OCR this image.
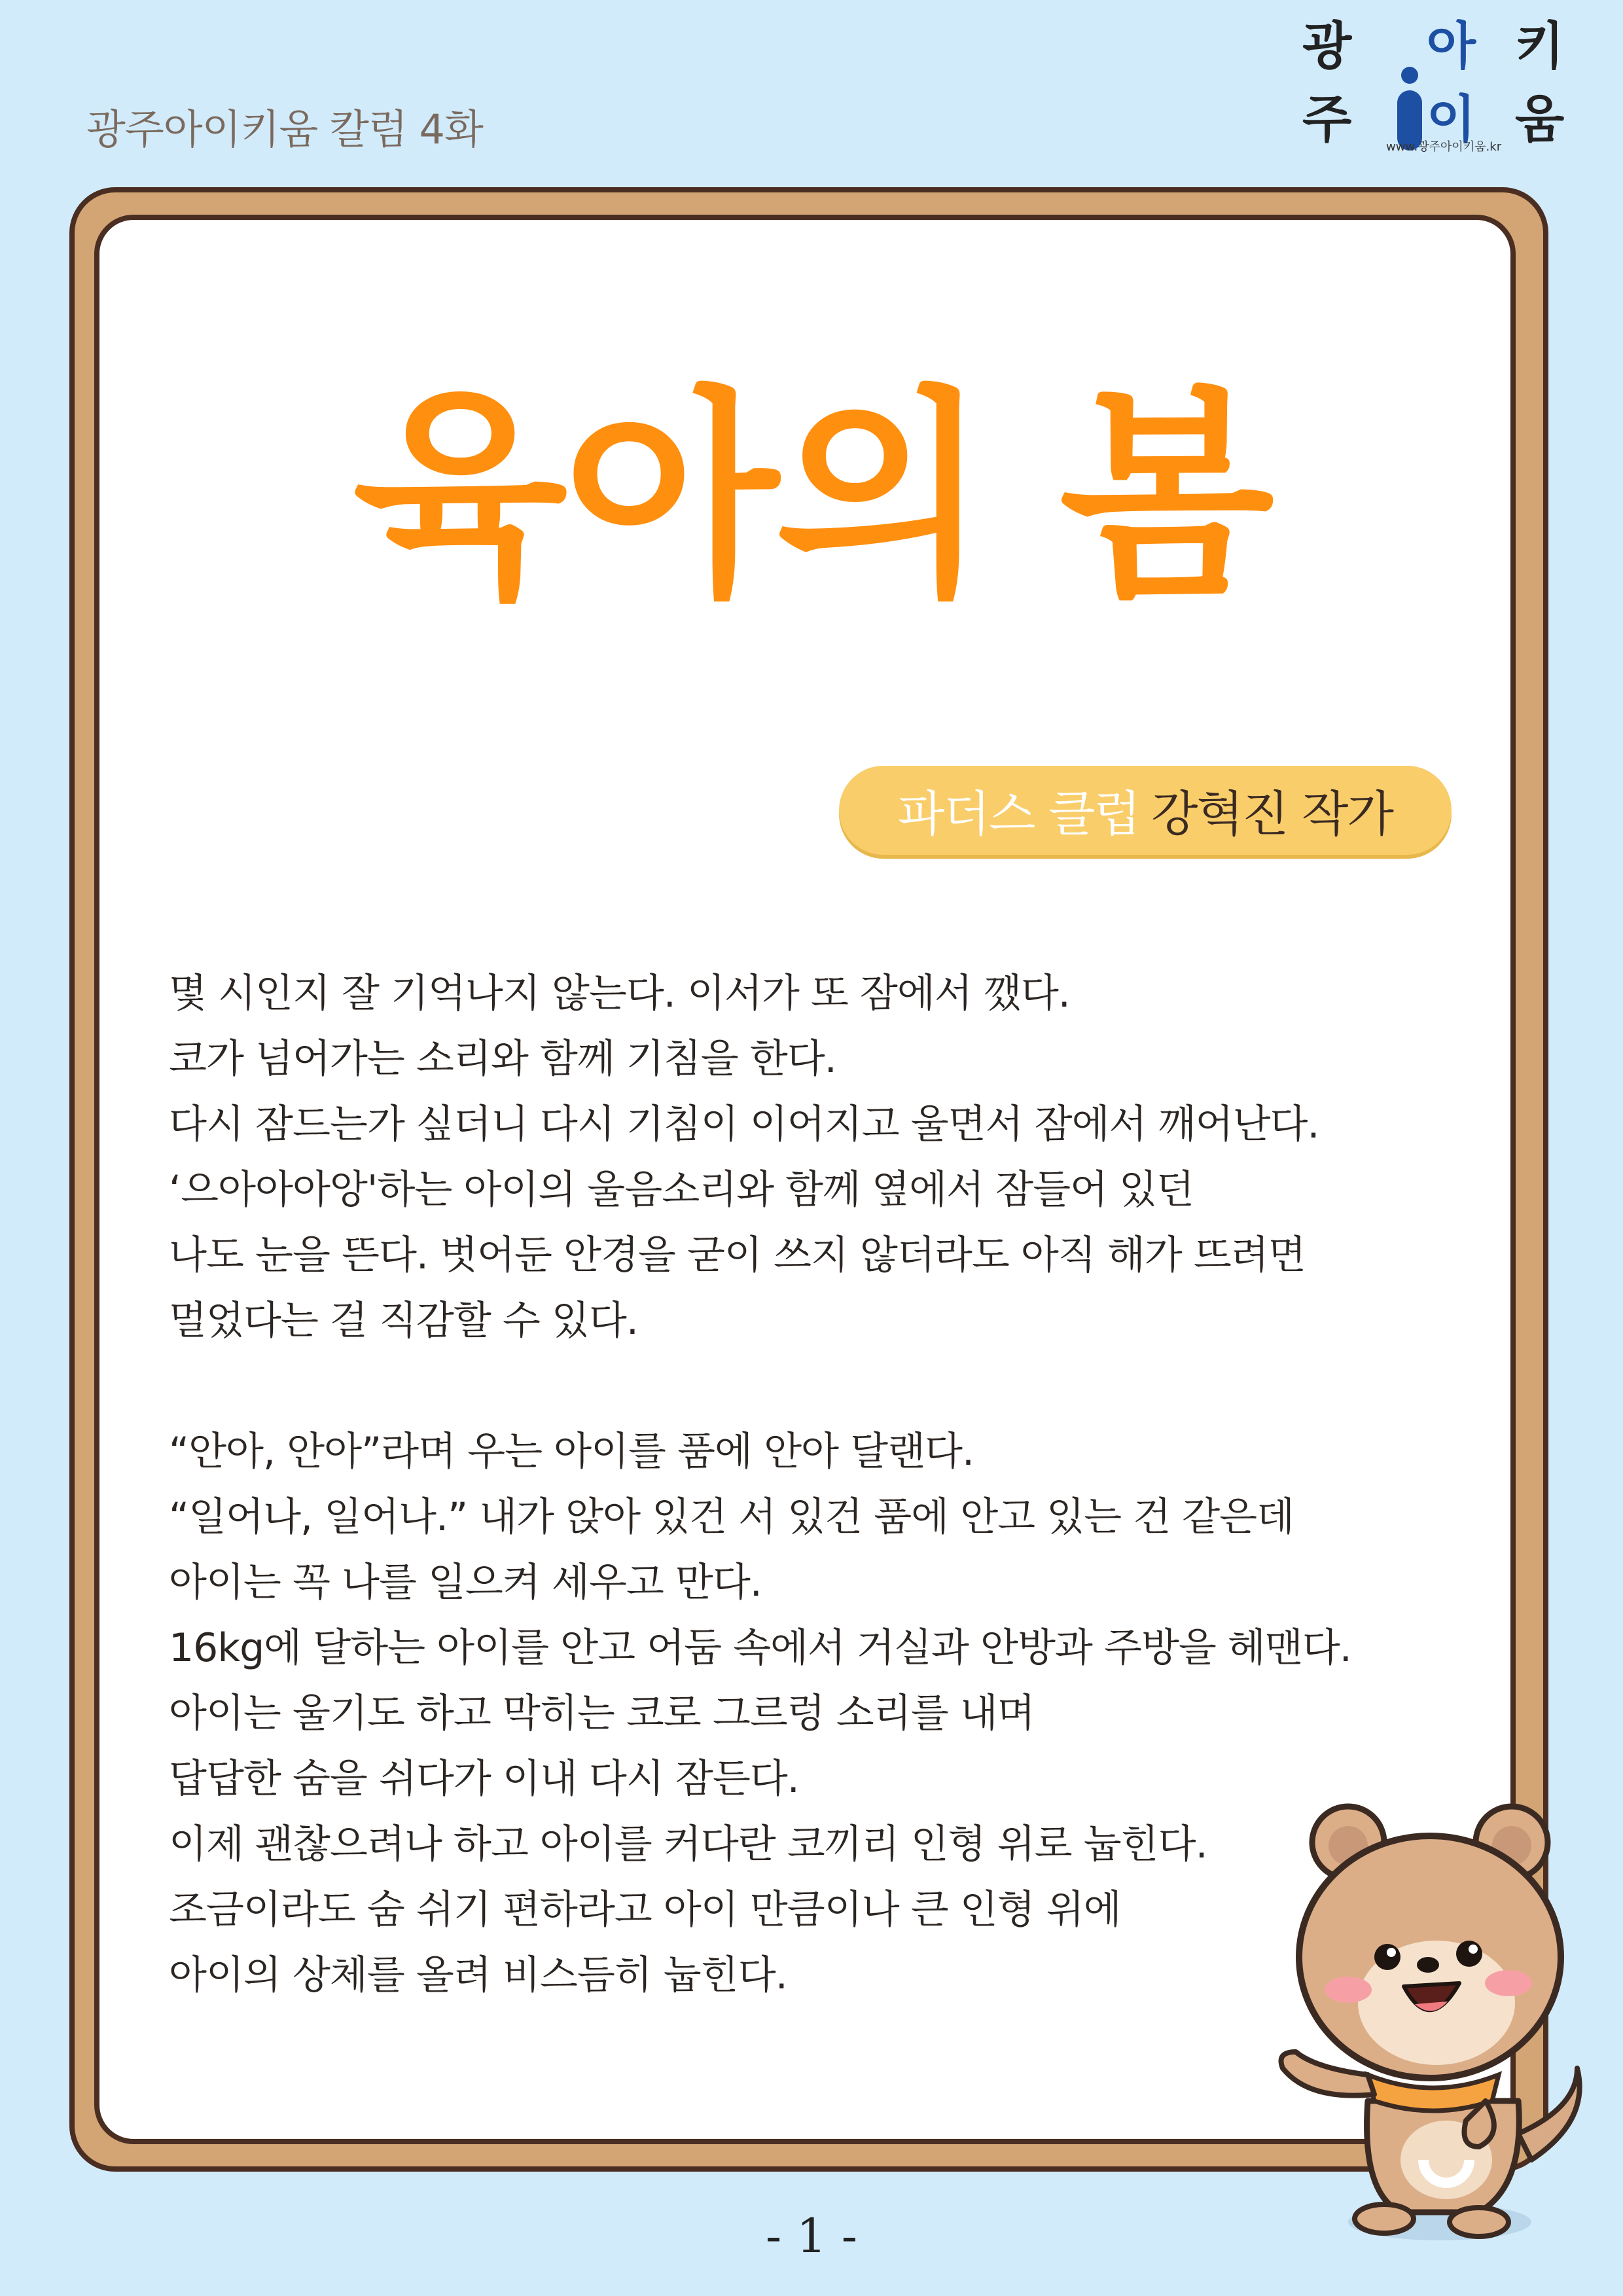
광주아이키움 칼럼 4화
광주
아이
키움
www.광주아이키움.kr
육아의 봄
파더스 클럽 강혁진 작가
몇 시인지 잘 기억나지 않는다. 이서가 또 잠에서 깼다.
코가 넘어가는 소리와 함께 기침을 한다.
다시 잠드는가 싶더니 다시 기침이 이어지고 울면서 잠에서 깨어난다.
‘으아아아앙'하는 아이의 울음소리와 함께 옆에서 잠들어 있던
나도 눈을 뜬다. 벗어둔 안경을 굳이 쓰지 않더라도 아직 해가 뜨려면
멀었다는 걸 직감할 수 있다.
“안아, 안아”라며 우는 아이를 품에 안아 달랜다.
“일어나, 일어나.” 내가 앉아 있건 서 있건 품에 안고 있는 건 같은데
아이는 꼭 나를 일으켜 세우고 만다.
16kg에 달하는 아이를 안고 어둠 속에서 거실과 안방과 주방을 헤맨다.
아이는 울기도 하고 막히는 코로 그르렁 소리를 내며
답답한 숨을 쉬다가 이내 다시 잠든다.
이제 괜찮으려나 하고 아이를 커다란 코끼리 인형 위로 눕힌다.
조금이라도 숨 쉬기 편하라고 아이 만큼이나 큰 인형 위에
아이의 상체를 올려 비스듬히 눕힌다.
- 1 -
